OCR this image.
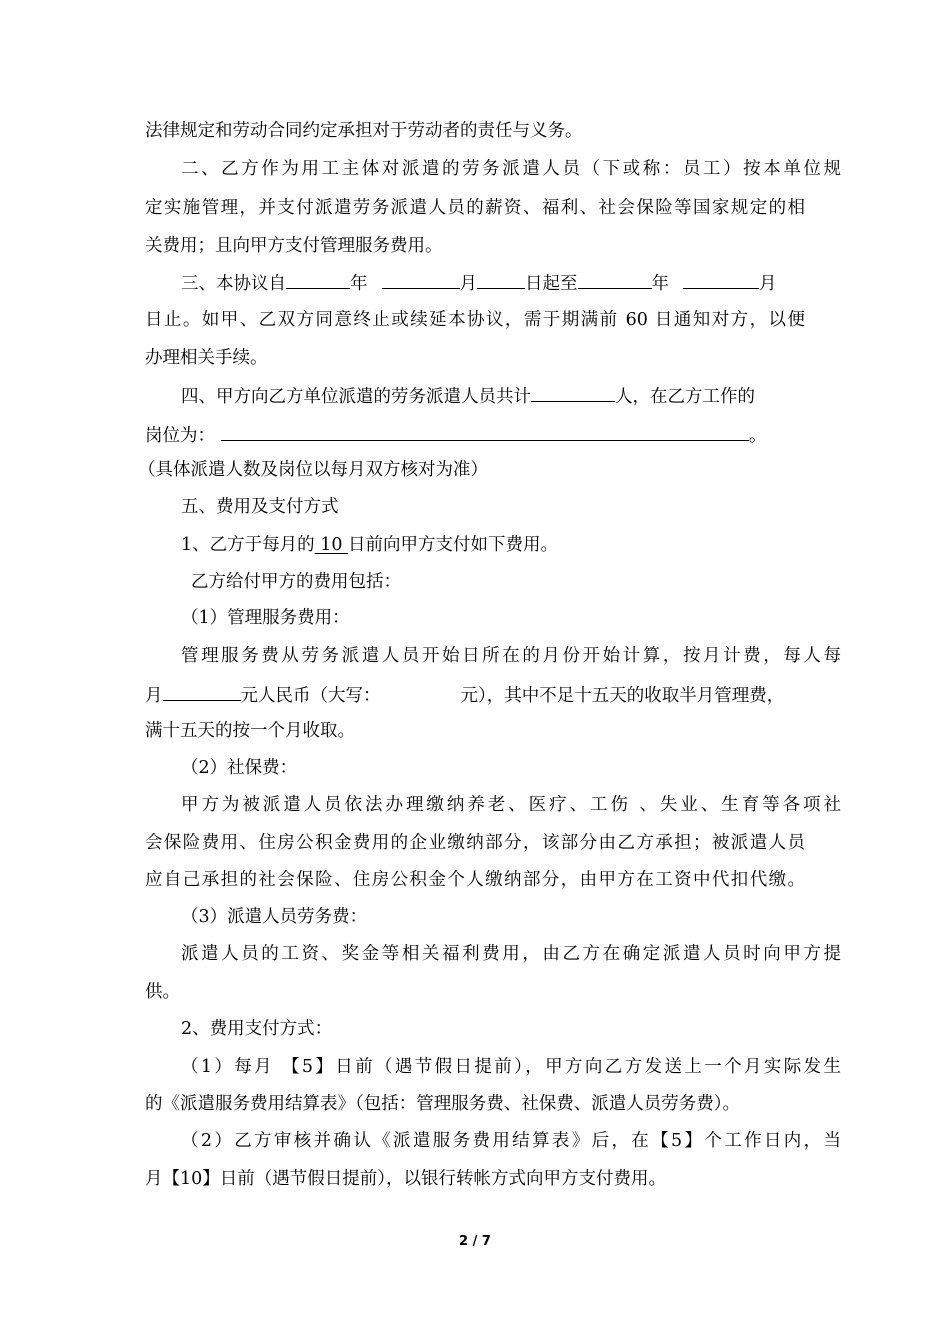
法律规定和劳动合同约定承担对于劳动者的责任与义务。
二、乙方作为用工主体对派遣的劳务派遣人员（下或称：员工）按本单位规
定实施管理，并支付派遣劳务派遣人员的薪资、福利、社会保险等国家规定的相
关费用；且向甲方支付管理服务费用。
三、本协议自	年	月	日起至	年	月
日止。如甲、乙双方同意终止或续延本协议，需于期满前 60 日通知对方，以便
办理相关手续。
四、甲方向乙方单位派遣的劳务派遣人员共计	人，在乙方工作的
岗位为：	。
（具体派遣人数及岗位以每月双方核对为准）
五、费用及支付方式
1、乙方于每月的 10 日前向甲方支付如下费用。
乙方给付甲方的费用包括：
（1）管理服务费用：
管理服务费从劳务派遣人员开始日所在的月份开始计算，按月计费，每人每
月	元人民币（大写：	元），其中不足十五天的收取半月管理费，
满十五天的按一个月收取。
（2）社保费：
甲方为被派遣人员依法办理缴纳养老、医疗、工伤 、失业、生育等各项社
会保险费用、住房公积金费用的企业缴纳部分，该部分由乙方承担；被派遣人员
应自己承担的社会保险、住房公积金个人缴纳部分，由甲方在工资中代扣代缴。
（3）派遣人员劳务费：
派遣人员的工资、奖金等相关福利费用，由乙方在确定派遣人员时向甲方提
供。
2、费用支付方式：
（1）每月 【5】日前（遇节假日提前），甲方向乙方发送上一个月实际发生
的《派遣服务费用结算表》（包括：管理服务费、社保费、派遣人员劳务费）。
（2）乙方审核并确认《派遣服务费用结算表》后，在【5】个工作日内，当
月【10】日前（遇节假日提前），以银行转帐方式向甲方支付费用。
2 / 7
